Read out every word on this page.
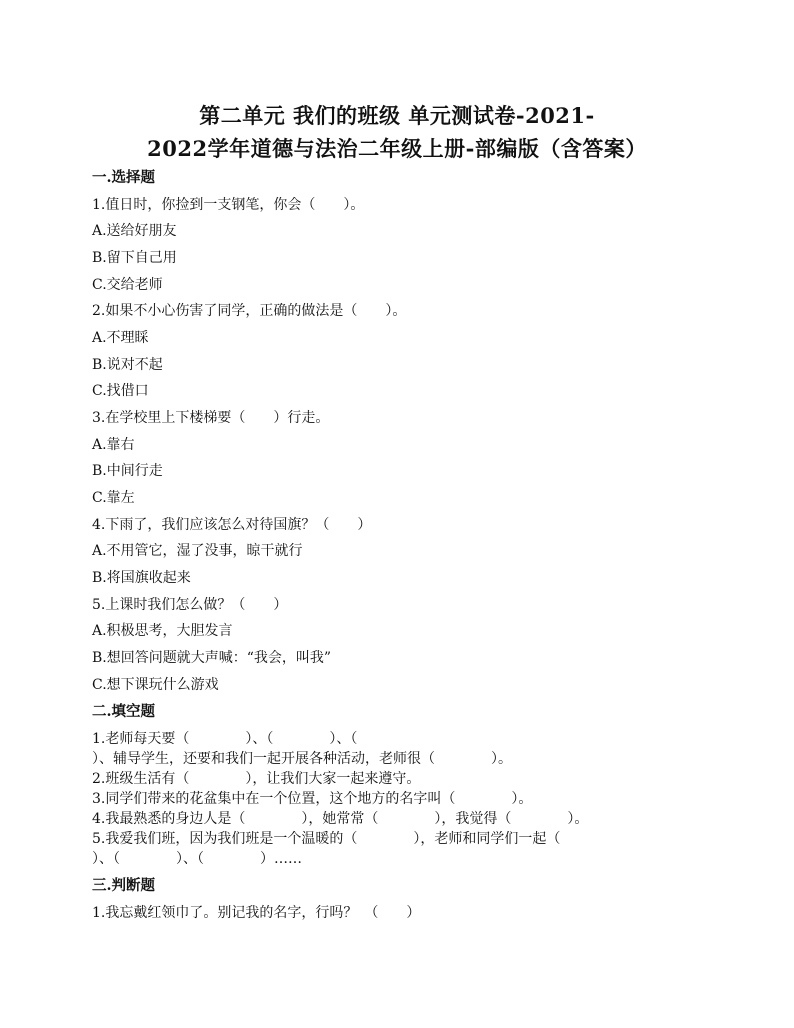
第二单元 我们的班级 单元测试卷-2021-
2022学年道德与法治二年级上册-部编版（含答案）
一.选择题
1.值日时，你捡到一支钢笔，你会（　　）。
A.送给好朋友
B.留下自己用
C.交给老师
2.如果不小心伤害了同学，正确的做法是（　　）。
A.不理睬
B.说对不起
C.找借口
3.在学校里上下楼梯要（　　）行走。
A.靠右
B.中间行走
C.靠左
4.下雨了，我们应该怎么对待国旗？（　　）
A.不用管它，湿了没事，晾干就行
B.将国旗收起来
5.上课时我们怎么做？（　　）
A.积极思考，大胆发言
B.想回答问题就大声喊：“我会，叫我”
C.想下课玩什么游戏
二.填空题
1.老师每天要（　　　　）、（　　　　）、（
）、辅导学生，还要和我们一起开展各种活动，老师很（　　　　）。
2.班级生活有（　　　　），让我们大家一起来遵守。
3.同学们带来的花盆集中在一个位置，这个地方的名字叫（　　　　）。
4.我最熟悉的身边人是（　　　　），她常常（　　　　），我觉得（　　　　）。
5.我爱我们班，因为我们班是一个温暖的（　　　　），老师和同学们一起（
）、（　　　　）、（　　　　）……
三.判断题
1.我忘戴红领巾了。别记我的名字，行吗？　（　　）
